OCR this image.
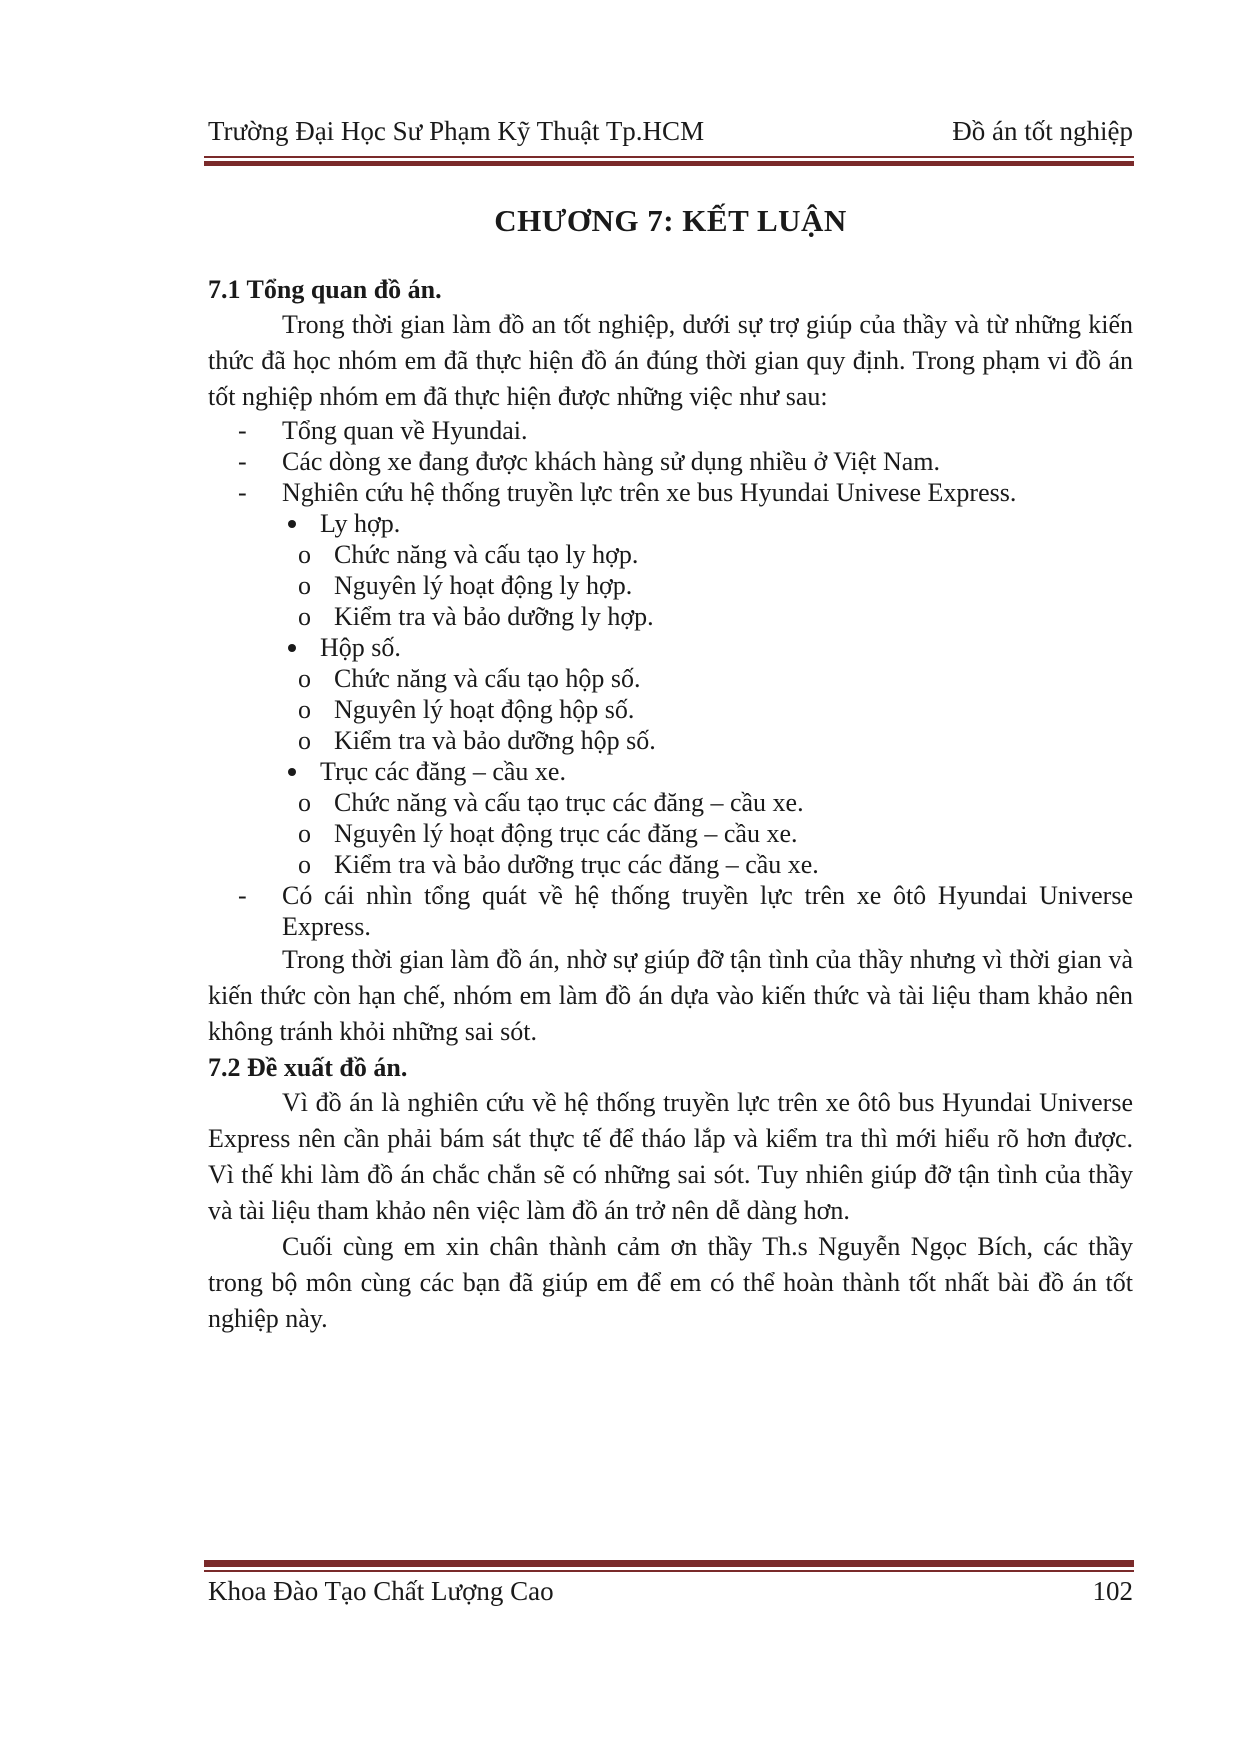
Trường Đại Học Sư Phạm Kỹ Thuật Tp.HCM	Đồ án tốt nghiệp
CHƯƠNG 7: KẾT LUẬN
7.1 Tổng quan đồ án.

Trong thời gian làm đồ an tốt nghiệp, dưới sự trợ giúp của thầy và từ những kiến thức đã học nhóm em đã thực hiện đồ án đúng thời gian quy định. Trong phạm vi đồ án tốt nghiệp nhóm em đã thực hiện được những việc như sau:

- Tổng quan về Hyundai.
- Các dòng xe đang được khách hàng sử dụng nhiều ở Việt Nam.
- Nghiên cứu hệ thống truyền lực trên xe bus Hyundai Univese Express.
Ly hợp.
o Chức năng và cấu tạo ly hợp.
o Nguyên lý hoạt động ly hợp.
o Kiểm tra và bảo dưỡng ly hợp.
Hộp số.
o Chức năng và cấu tạo hộp số.
o Nguyên lý hoạt động hộp số.
o Kiểm tra và bảo dưỡng hộp số.
Trục các đăng – cầu xe.
o Chức năng và cấu tạo trục các đăng – cầu xe.
o Nguyên lý hoạt động trục các đăng – cầu xe.
o Kiểm tra và bảo dưỡng trục các đăng – cầu xe.
- Có cái nhìn tổng quát về hệ thống truyền lực trên xe ôtô Hyundai Universe Express.

Trong thời gian làm đồ án, nhờ sự giúp đỡ tận tình của thầy nhưng vì thời gian và kiến thức còn hạn chế, nhóm em làm đồ án dựa vào kiến thức và tài liệu tham khảo nên không tránh khỏi những sai sót.

7.2 Đề xuất đồ án.

Vì đồ án là nghiên cứu về hệ thống truyền lực trên xe ôtô bus Hyundai Universe Express nên cần phải bám sát thực tế để tháo lắp và kiểm tra thì mới hiểu rõ hơn được. Vì thế khi làm đồ án chắc chắn sẽ có những sai sót. Tuy nhiên giúp đỡ tận tình của thầy và tài liệu tham khảo nên việc làm đồ án trở nên dễ dàng hơn.

Cuối cùng em xin chân thành cảm ơn thầy Th.s Nguyễn Ngọc Bích, các thầy trong bộ môn cùng các bạn đã giúp em để em có thể hoàn thành tốt nhất bài đồ án tốt nghiệp này.

Khoa Đào Tạo Chất Lượng Cao	102
